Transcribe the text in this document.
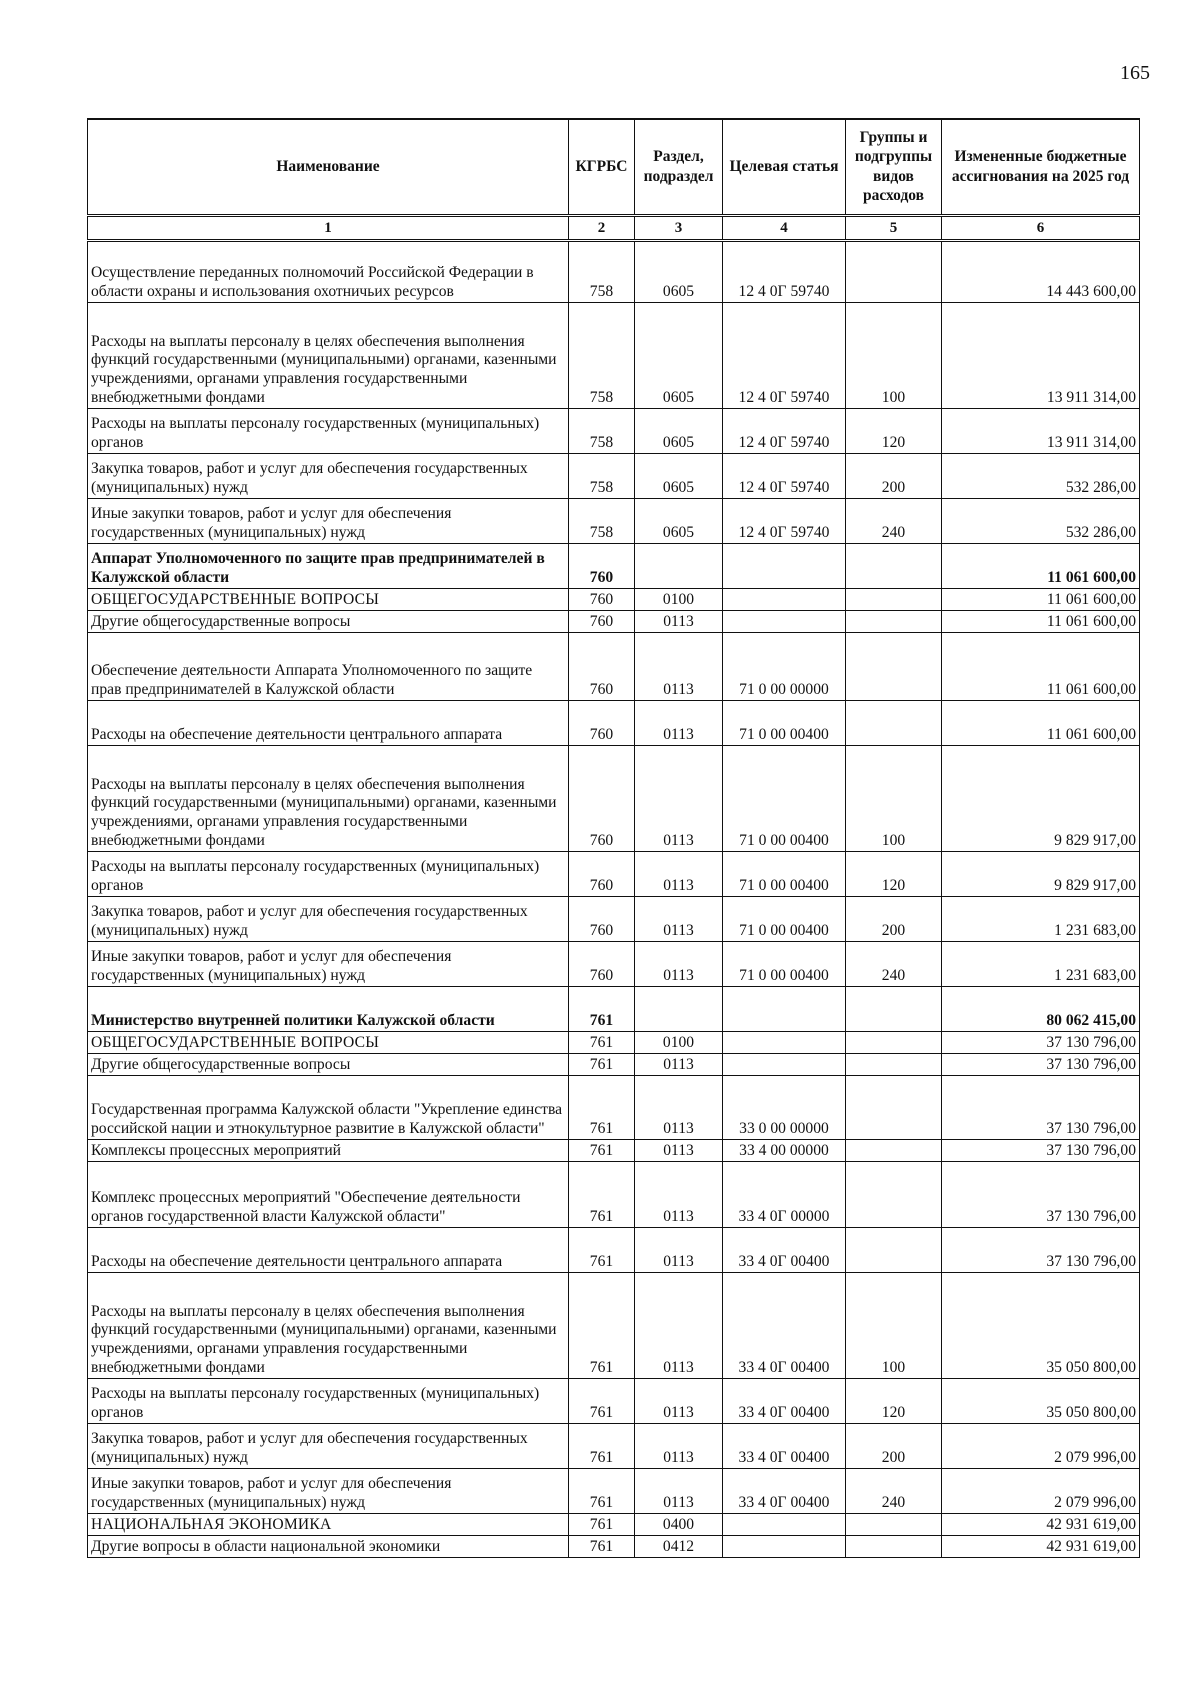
165
Наименование	КГРБС	Раздел, подраздел	Целевая статья	Группы и подгруппы видов расходов	Измененные бюджетные ассигнования на 2025 год
1	2	3	4	5	6
Осуществление переданных полномочий Российской Федерации в области охраны и использования охотничьих ресурсов	758	0605	12 4 0Г 59740		14 443 600,00
Расходы на выплаты персоналу в целях обеспечения выполнения функций государственными (муниципальными) органами, казенными учреждениями, органами управления государственными внебюджетными фондами	758	0605	12 4 0Г 59740	100	13 911 314,00
Расходы на выплаты персоналу государственных (муниципальных) органов	758	0605	12 4 0Г 59740	120	13 911 314,00
Закупка товаров, работ и услуг для обеспечения государственных (муниципальных) нужд	758	0605	12 4 0Г 59740	200	532 286,00
Иные закупки товаров, работ и услуг для обеспечения государственных (муниципальных) нужд	758	0605	12 4 0Г 59740	240	532 286,00
Аппарат Уполномоченного по защите прав предпринимателей в Калужской области	760				11 061 600,00
ОБЩЕГОСУДАРСТВЕННЫЕ ВОПРОСЫ	760	0100			11 061 600,00
Другие общегосударственные вопросы	760	0113			11 061 600,00
Обеспечение деятельности Аппарата Уполномоченного по защите прав предпринимателей в Калужской области	760	0113	71 0 00 00000		11 061 600,00
Расходы на обеспечение деятельности центрального аппарата	760	0113	71 0 00 00400		11 061 600,00
Расходы на выплаты персоналу в целях обеспечения выполнения функций государственными (муниципальными) органами, казенными учреждениями, органами управления государственными внебюджетными фондами	760	0113	71 0 00 00400	100	9 829 917,00
Расходы на выплаты персоналу государственных (муниципальных) органов	760	0113	71 0 00 00400	120	9 829 917,00
Закупка товаров, работ и услуг для обеспечения государственных (муниципальных) нужд	760	0113	71 0 00 00400	200	1 231 683,00
Иные закупки товаров, работ и услуг для обеспечения государственных (муниципальных) нужд	760	0113	71 0 00 00400	240	1 231 683,00
Министерство внутренней политики Калужской области	761				80 062 415,00
ОБЩЕГОСУДАРСТВЕННЫЕ ВОПРОСЫ	761	0100			37 130 796,00
Другие общегосударственные вопросы	761	0113			37 130 796,00
Государственная программа Калужской области "Укрепление единства российской нации и этнокультурное развитие в Калужской области"	761	0113	33 0 00 00000		37 130 796,00
Комплексы процессных мероприятий	761	0113	33 4 00 00000		37 130 796,00
Комплекс процессных мероприятий "Обеспечение деятельности органов государственной власти Калужской области"	761	0113	33 4 0Г 00000		37 130 796,00
Расходы на обеспечение деятельности центрального аппарата	761	0113	33 4 0Г 00400		37 130 796,00
Расходы на выплаты персоналу в целях обеспечения выполнения функций государственными (муниципальными) органами, казенными учреждениями, органами управления государственными внебюджетными фондами	761	0113	33 4 0Г 00400	100	35 050 800,00
Расходы на выплаты персоналу государственных (муниципальных) органов	761	0113	33 4 0Г 00400	120	35 050 800,00
Закупка товаров, работ и услуг для обеспечения государственных (муниципальных) нужд	761	0113	33 4 0Г 00400	200	2 079 996,00
Иные закупки товаров, работ и услуг для обеспечения государственных (муниципальных) нужд	761	0113	33 4 0Г 00400	240	2 079 996,00
НАЦИОНАЛЬНАЯ ЭКОНОМИКА	761	0400			42 931 619,00
Другие вопросы в области национальной экономики	761	0412			42 931 619,00
